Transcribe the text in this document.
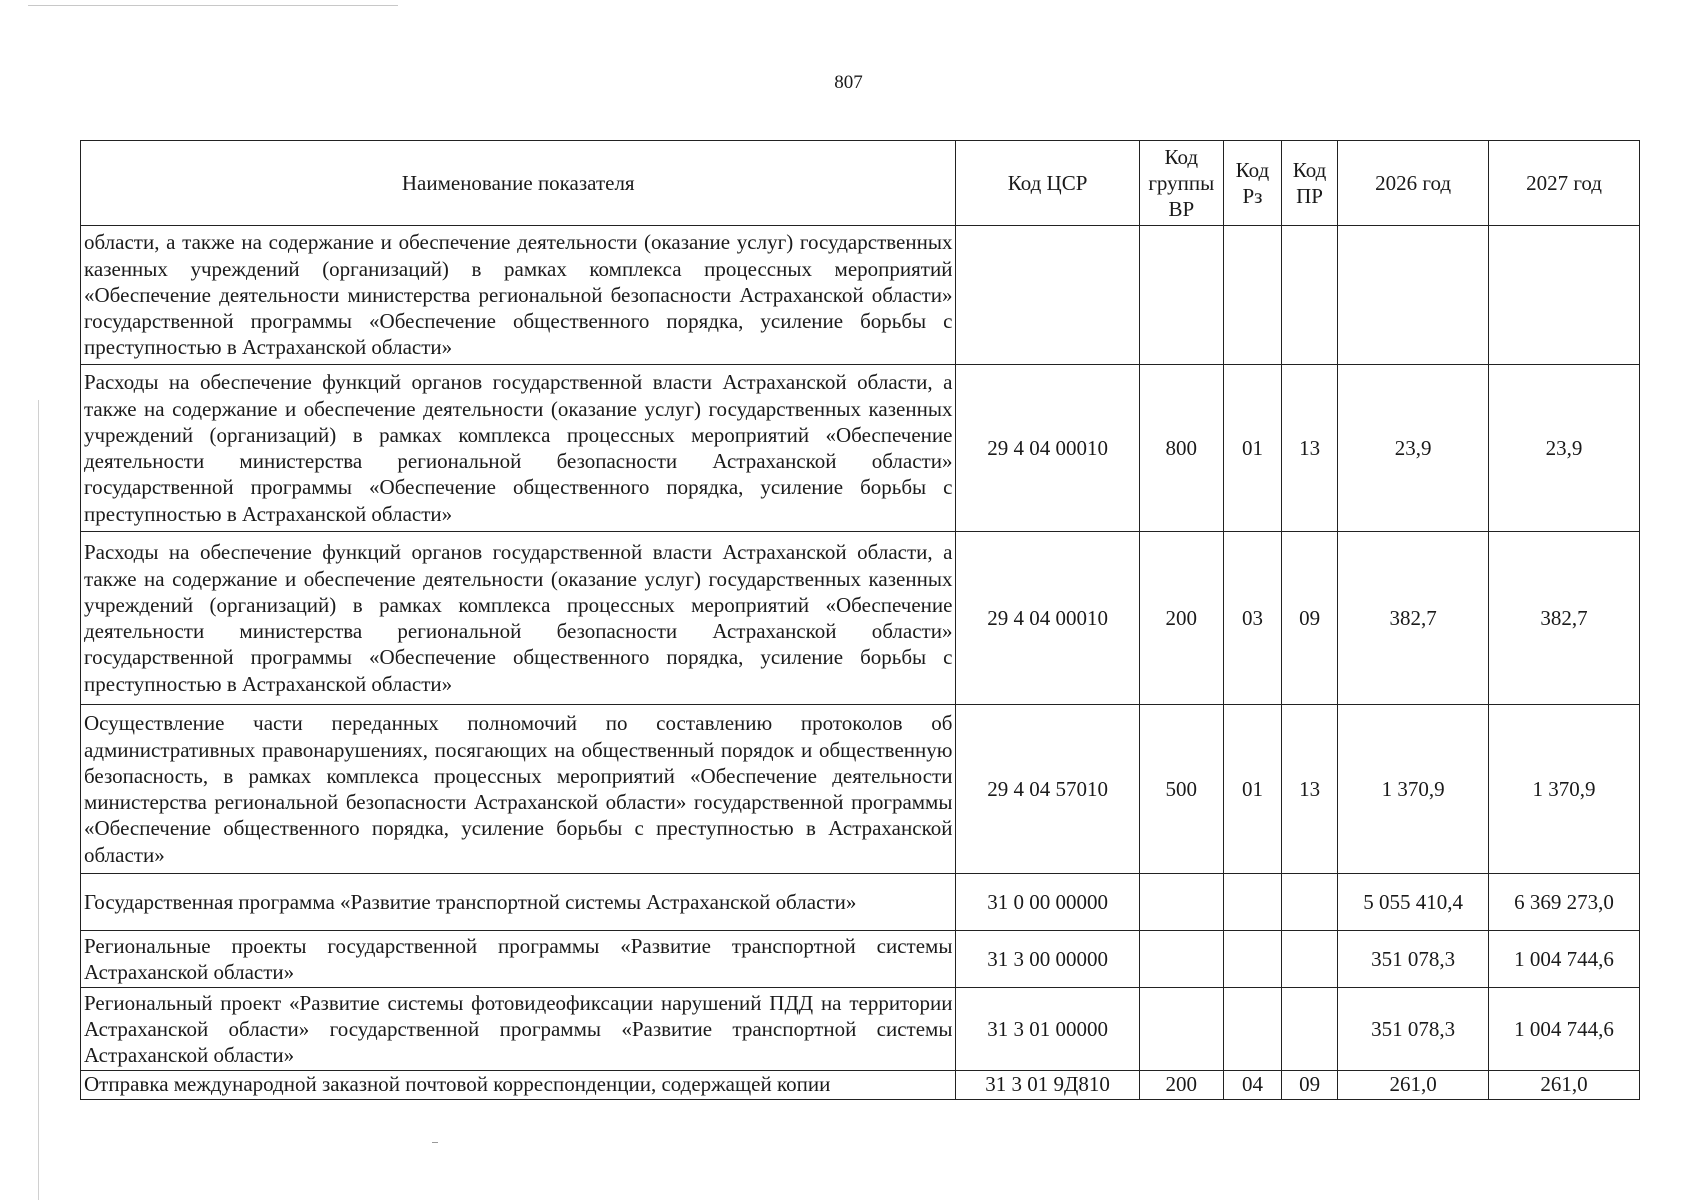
807
Наименование показателя	Код ЦСР	Код группы ВР	Код Рз	Код ПР	2026 год	2027 год
области, а также на содержание и обеспечение деятельности (оказание услуг) государственных казенных учреждений (организаций) в рамках комплекса процессных мероприятий «Обеспечение деятельности министерства региональной безопасности Астраханской области» государственной программы «Обеспечение общественного порядка, усиление борьбы с преступностью в Астраханской области»						
Расходы на обеспечение функций органов государственной власти Астраханской области, а также на содержание и обеспечение деятельности (оказание услуг) государственных казенных учреждений (организаций) в рамках комплекса процессных мероприятий «Обеспечение деятельности министерства региональной безопасности Астраханской области» государственной программы «Обеспечение общественного порядка, усиление борьбы с преступностью в Астраханской области»	29 4 04 00010	800	01	13	23,9	23,9
Расходы на обеспечение функций органов государственной власти Астраханской области, а также на содержание и обеспечение деятельности (оказание услуг) государственных казенных учреждений (организаций) в рамках комплекса процессных мероприятий «Обеспечение деятельности министерства региональной безопасности Астраханской области» государственной программы «Обеспечение общественного порядка, усиление борьбы с преступностью в Астраханской области»	29 4 04 00010	200	03	09	382,7	382,7
Осуществление части переданных полномочий по составлению протоколов об административных правонарушениях, посягающих на общественный порядок и общественную безопасность, в рамках комплекса процессных мероприятий «Обеспечение деятельности министерства региональной безопасности Астраханской области» государственной программы «Обеспечение общественного порядка, усиление борьбы с преступностью в Астраханской области»	29 4 04 57010	500	01	13	1 370,9	1 370,9
Государственная программа «Развитие транспортной системы Астраханской области»	31 0 00 00000				5 055 410,4	6 369 273,0
Региональные проекты государственной программы «Развитие транспортной системы Астраханской области»	31 3 00 00000				351 078,3	1 004 744,6
Региональный проект «Развитие системы фотовидеофиксации нарушений ПДД на территории Астраханской области» государственной программы «Развитие транспортной системы Астраханской области»	31 3 01 00000				351 078,3	1 004 744,6
Отправка международной заказной почтовой корреспонденции, содержащей копии	31 3 01 9Д810	200	04	09	261,0	261,0
